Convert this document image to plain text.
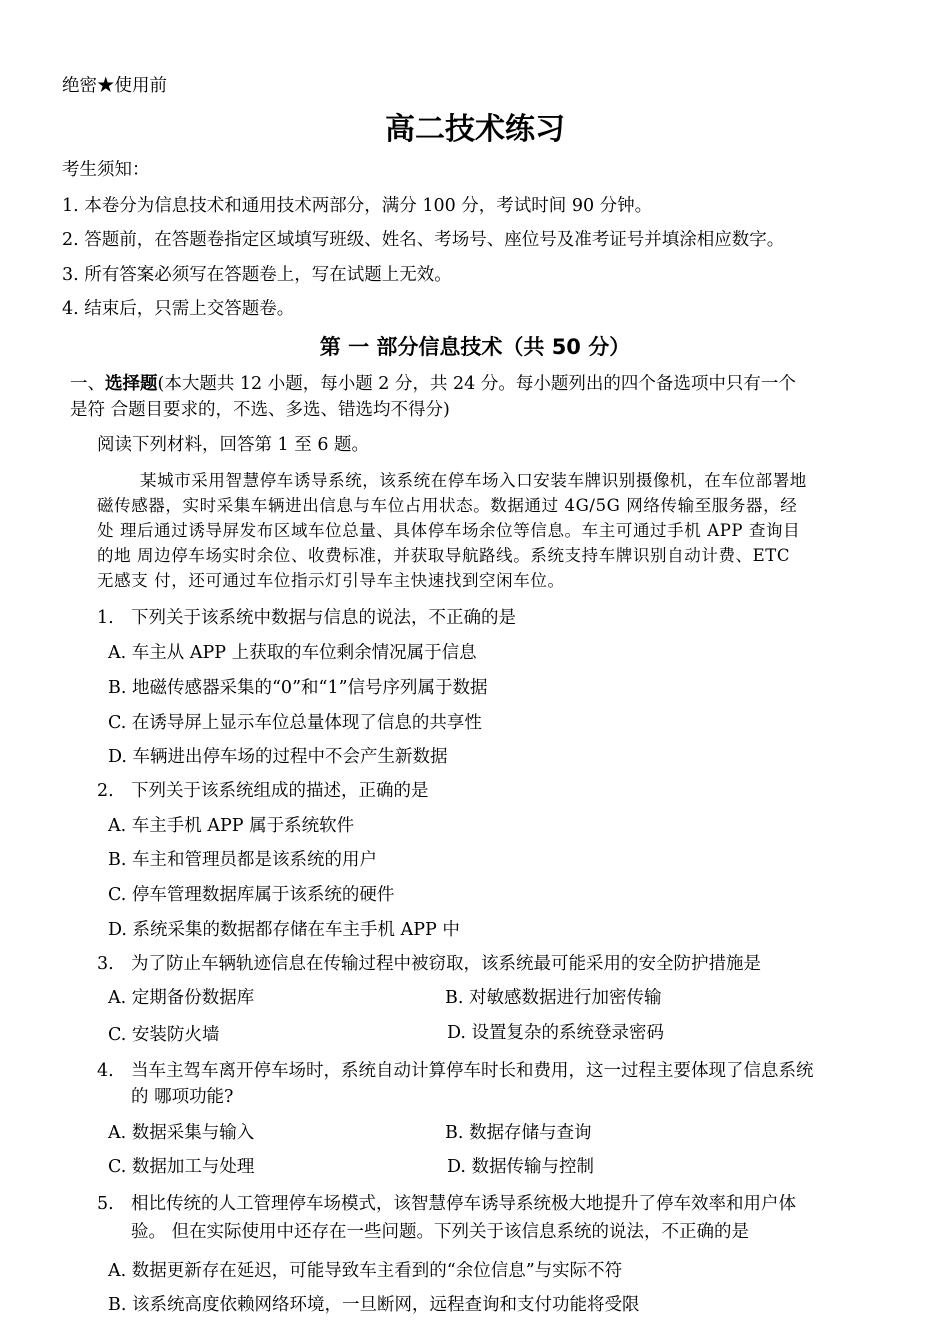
绝密★使用前
高二技术练习
考生须知：
1. 本卷分为信息技术和通用技术两部分，满分 100 分，考试时间 90 分钟。
2. 答题前，在答题卷指定区域填写班级、姓名、考场号、座位号及准考证号并填涂相应数字。
3. 所有答案必须写在答题卷上，写在试题上无效。
4. 结束后，只需上交答题卷。
第 一 部分信息技术（共 50 分）
一、选择题(本大题共 12 小题，每小题 2 分，共 24 分。每小题列出的四个备选项中只有一个
是符 合题目要求的，不选、多选、错选均不得分)
阅读下列材料，回答第 1 至 6 题。
某城市采用智慧停车诱导系统，该系统在停车场入口安装车牌识别摄像机，在车位部署地
磁传感器，实时采集车辆进出信息与车位占用状态。数据通过 4G/5G 网络传输至服务器，经
处 理后通过诱导屏发布区域车位总量、具体停车场余位等信息。车主可通过手机 APP 查询目
的地 周边停车场实时余位、收费标准，并获取导航路线。系统支持车牌识别自动计费、ETC
无感支 付，还可通过车位指示灯引导车主快速找到空闲车位。
1. 下列关于该系统中数据与信息的说法，不正确的是
A. 车主从 APP 上获取的车位剩余情况属于信息
B. 地磁传感器采集的“0”和“1”信号序列属于数据
C. 在诱导屏上显示车位总量体现了信息的共享性
D. 车辆进出停车场的过程中不会产生新数据
2. 下列关于该系统组成的描述，正确的是
A. 车主手机 APP 属于系统软件
B. 车主和管理员都是该系统的用户
C. 停车管理数据库属于该系统的硬件
D. 系统采集的数据都存储在车主手机 APP 中
3. 为了防止车辆轨迹信息在传输过程中被窃取，该系统最可能采用的安全防护措施是
A. 定期备份数据库	B. 对敏感数据进行加密传输
C. 安装防火墙	D. 设置复杂的系统登录密码
4. 当车主驾车离开停车场时，系统自动计算停车时长和费用，这一过程主要体现了信息系统
的 哪项功能?
A. 数据采集与输入	B. 数据存储与查询
C. 数据加工与处理	D. 数据传输与控制
5. 相比传统的人工管理停车场模式，该智慧停车诱导系统极大地提升了停车效率和用户体
验。 但在实际使用中还存在一些问题。下列关于该信息系统的说法，不正确的是
A. 数据更新存在延迟，可能导致车主看到的“余位信息”与实际不符
B. 该系统高度依赖网络环境，一旦断网，远程查询和支付功能将受限
